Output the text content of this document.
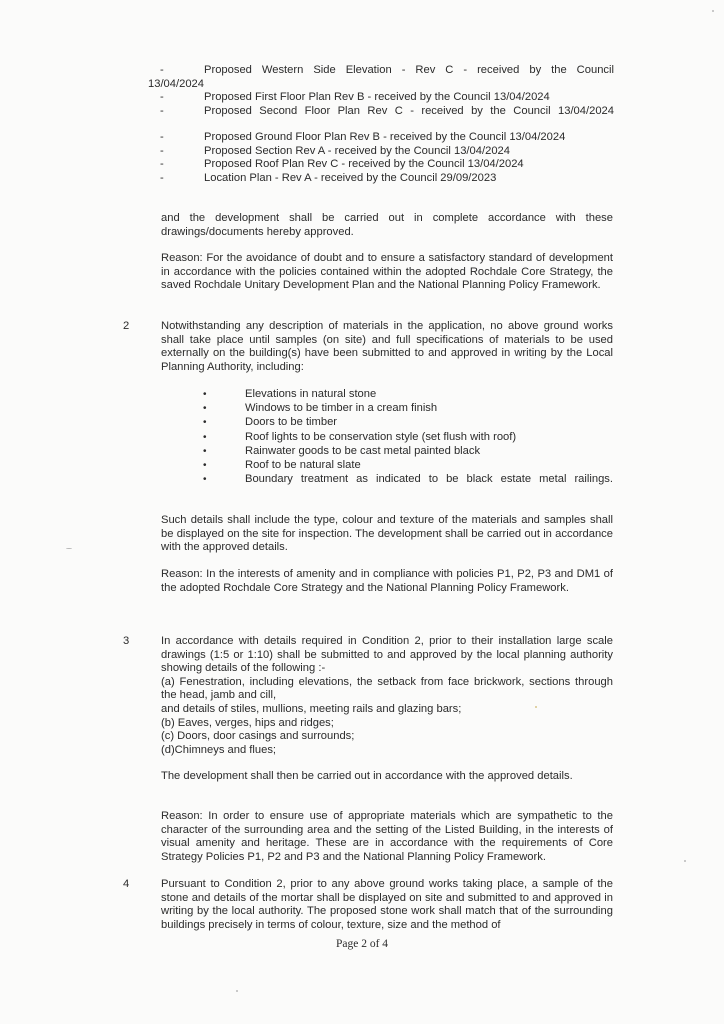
-	Proposed Western Side Elevation - Rev C - received by the Council
13/04/2024
-	Proposed First Floor Plan Rev B - received by the Council 13/04/2024
-	Proposed Second Floor Plan Rev C - received by the Council 13/04/2024
-	Proposed Ground Floor Plan Rev B - received by the Council 13/04/2024
-	Proposed Section Rev A - received by the Council 13/04/2024
-	Proposed Roof Plan Rev C - received by the Council 13/04/2024
-	Location Plan - Rev A - received by the Council 29/09/2023

and the development shall be carried out in complete accordance with these drawings/documents hereby approved.

Reason: For the avoidance of doubt and to ensure a satisfactory standard of development in accordance with the policies contained within the adopted Rochdale Core Strategy, the saved Rochdale Unitary Development Plan and the National Planning Policy Framework.

2	Notwithstanding any description of materials in the application, no above ground works shall take place until samples (on site) and full specifications of materials to be used externally on the building(s) have been submitted to and approved in writing by the Local Planning Authority, including:

•	Elevations in natural stone
•	Windows to be timber in a cream finish
•	Doors to be timber
•	Roof lights to be conservation style (set flush with roof)
•	Rainwater goods to be cast metal painted black
•	Roof to be natural slate
•	Boundary treatment as indicated to be black estate metal railings.

Such details shall include the type, colour and texture of the materials and samples shall be displayed on the site for inspection. The development shall be carried out in accordance with the approved details.

Reason: In the interests of amenity and in compliance with policies P1, P2, P3 and DM1 of the adopted Rochdale Core Strategy and the National Planning Policy Framework.

3	In accordance with details required in Condition 2, prior to their installation large scale drawings (1:5 or 1:10) shall be submitted to and approved by the local planning authority showing details of the following :-

(a) Fenestration, including elevations, the setback from face brickwork, sections through the head, jamb and cill,

and details of stiles, mullions, meeting rails and glazing bars;

(b) Eaves, verges, hips and ridges;

(c) Doors, door casings and surrounds;

(d)Chimneys and flues;

The development shall then be carried out in accordance with the approved details.

Reason: In order to ensure use of appropriate materials which are sympathetic to the character of the surrounding area and the setting of the Listed Building, in the interests of visual amenity and heritage. These are in accordance with the requirements of Core Strategy Policies P1, P2 and P3 and the National Planning Policy Framework.

4	Pursuant to Condition 2, prior to any above ground works taking place, a sample of the stone and details of the mortar shall be displayed on site and submitted to and approved in writing by the local authority. The proposed stone work shall match that of the surrounding buildings precisely in terms of colour, texture, size and the method of

Page 2 of 4
